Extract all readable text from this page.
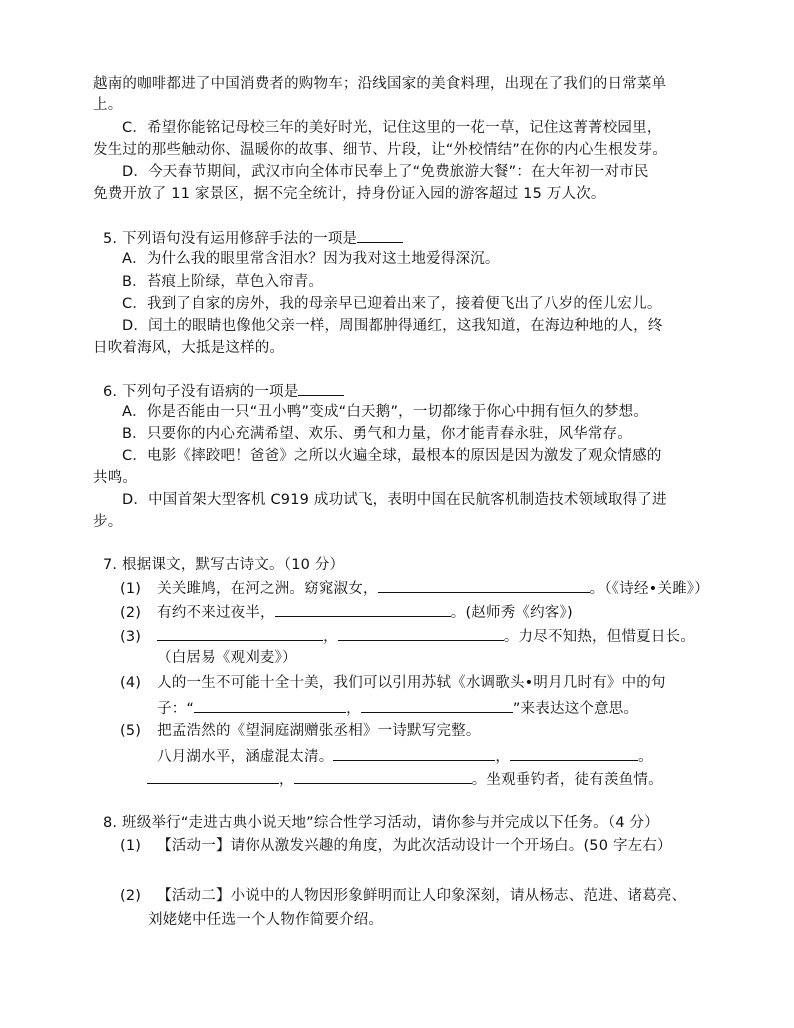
越南的咖啡都进了中国消费者的购物车；沿线国家的美食料理，出现在了我们的日常菜单
上。
C．希望你能铭记母校三年的美好时光，记住这里的一花一草，记住这菁菁校园里，
发生过的那些触动你、温暖你的故事、细节、片段，让“外校情结”在你的内心生根发芽。
D．今天春节期间，武汉市向全体市民奉上了“免费旅游大餐”：在大年初一对市民
免费开放了 11 家景区，据不完全统计，持身份证入园的游客超过 15 万人次。
5. 下列语句没有运用修辞手法的一项是
A．为什么我的眼里常含泪水？因为我对这土地爱得深沉。
B．苔痕上阶绿，草色入帘青。
C．我到了自家的房外，我的母亲早已迎着出来了，接着便飞出了八岁的侄儿宏儿。
D．闰土的眼睛也像他父亲一样，周围都肿得通红，这我知道，在海边种地的人，终
日吹着海风，大抵是这样的。
6. 下列句子没有语病的一项是
A．你是否能由一只“丑小鸭”变成“白天鹅”，一切都缘于你心中拥有恒久的梦想。
B．只要你的内心充满希望、欢乐、勇气和力量，你才能青春永驻，风华常存。
C．电影《摔跤吧！爸爸》之所以火遍全球，最根本的原因是因为激发了观众情感的
共鸣。
D．中国首架大型客机 C919 成功试飞，表明中国在民航客机制造技术领域取得了进
步。
7. 根据课文，默写古诗文。（10 分）
(1) 关关雎鸠，在河之洲。窈窕淑女，	。（《诗经•关雎》）
(2) 有约不来过夜半，	。(赵师秀《约客》)
(3)	，	。力尽不知热，但惜夏日长。
（白居易《观刈麦》）
(4) 人的一生不可能十全十美，我们可以引用苏轼《水调歌头•明月几时有》中的句
子：“	，	”来表达这个意思。
(5) 把孟浩然的《望洞庭湖赠张丞相》一诗默写完整。
八月湖水平，涵虚混太清。	，	。
，	。坐观垂钓者，徒有羡鱼情。
8. 班级举行“走进古典小说天地”综合性学习活动，请你参与并完成以下任务。（4 分）
(1) 【活动一】请你从激发兴趣的角度，为此次活动设计一个开场白。(50 字左右）
(2) 【活动二】小说中的人物因形象鲜明而让人印象深刻，请从杨志、范进、诸葛亮、
刘姥姥中任选一个人物作简要介绍。
